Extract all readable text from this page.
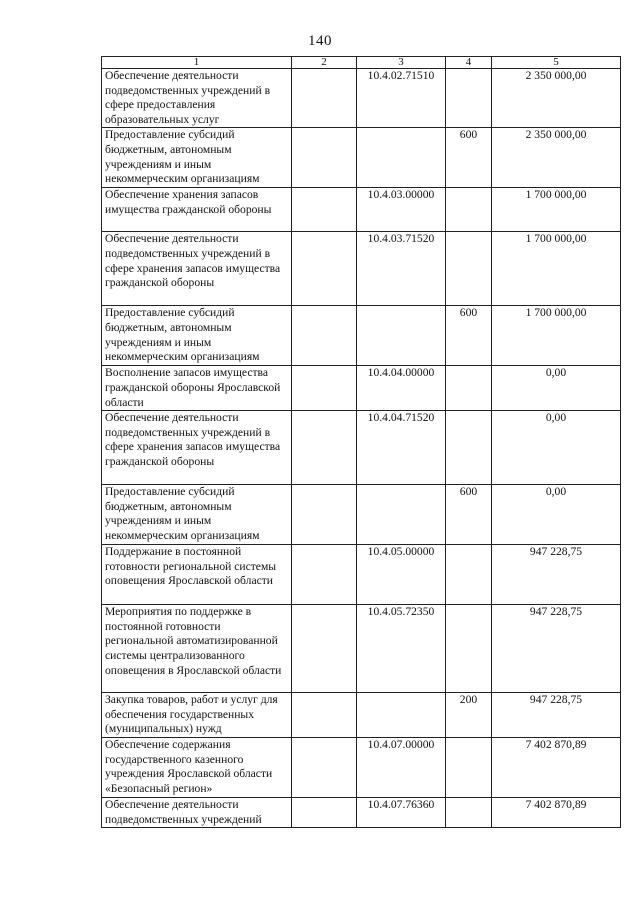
140
1	2	3	4	5
Обеспечение деятельности подведомственных учреждений в сфере предоставления образовательных услуг		10.4.02.71510		2 350 000,00
Предоставление субсидий бюджетным, автономным учреждениям и иным некоммерческим организациям			600	2 350 000,00
Обеспечение хранения запасов имущества гражданской обороны		10.4.03.00000		1 700 000,00
Обеспечение деятельности подведомственных учреждений в сфере хранения запасов имущества гражданской обороны		10.4.03.71520		1 700 000,00
Предоставление субсидий бюджетным, автономным учреждениям и иным некоммерческим организациям			600	1 700 000,00
Восполнение запасов имущества гражданской обороны Ярославской области		10.4.04.00000		0,00
Обеспечение деятельности подведомственных учреждений в сфере хранения запасов имущества гражданской обороны		10.4.04.71520		0,00
Предоставление субсидий бюджетным, автономным учреждениям и иным некоммерческим организациям			600	0,00
Поддержание в постоянной готовности региональной системы оповещения Ярославской области		10.4.05.00000		947 228,75
Мероприятия по поддержке в постоянной готовности региональной автоматизированной системы централизованного оповещения в Ярославской области		10.4.05.72350		947 228,75
Закупка товаров, работ и услуг для обеспечения государственных (муниципальных) нужд			200	947 228,75
Обеспечение содержания государственного казенного учреждения Ярославской области «Безопасный регион»		10.4.07.00000		7 402 870,89
Обеспечение деятельности подведомственных учреждений		10.4.07.76360		7 402 870,89
